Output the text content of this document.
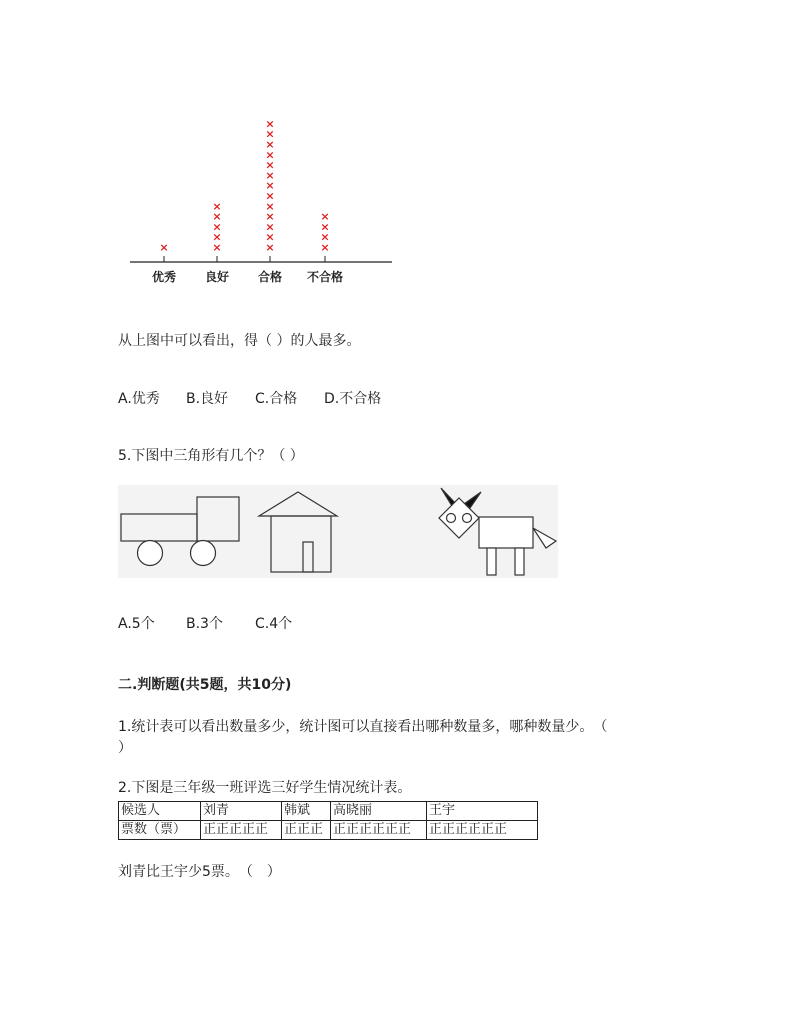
优秀
×
良好
×
×
×
×
×
合格
×
×
×
×
×
×
×
×
×
×
×
×
×
不合格
×
×
×
×
从上图中可以看出，得（ ）的人最多。
A.优秀 B.良好 C.合格 D.不合格
5.下图中三角形有几个？（ ）
A.5个 B.3个 C.4个
二.判断题(共5题，共10分)
1.统计表可以看出数量多少，统计图可以直接看出哪种数量多，哪种数量少。　（
）
2.下图是三年级一班评选三好学生情况统计表。
候选人	刘青	韩斌	高晓丽	王宇
票数（票）	正正正正正	正正正	正正正正正正	正正正正正正
刘青比王宇少5票。　（　）
